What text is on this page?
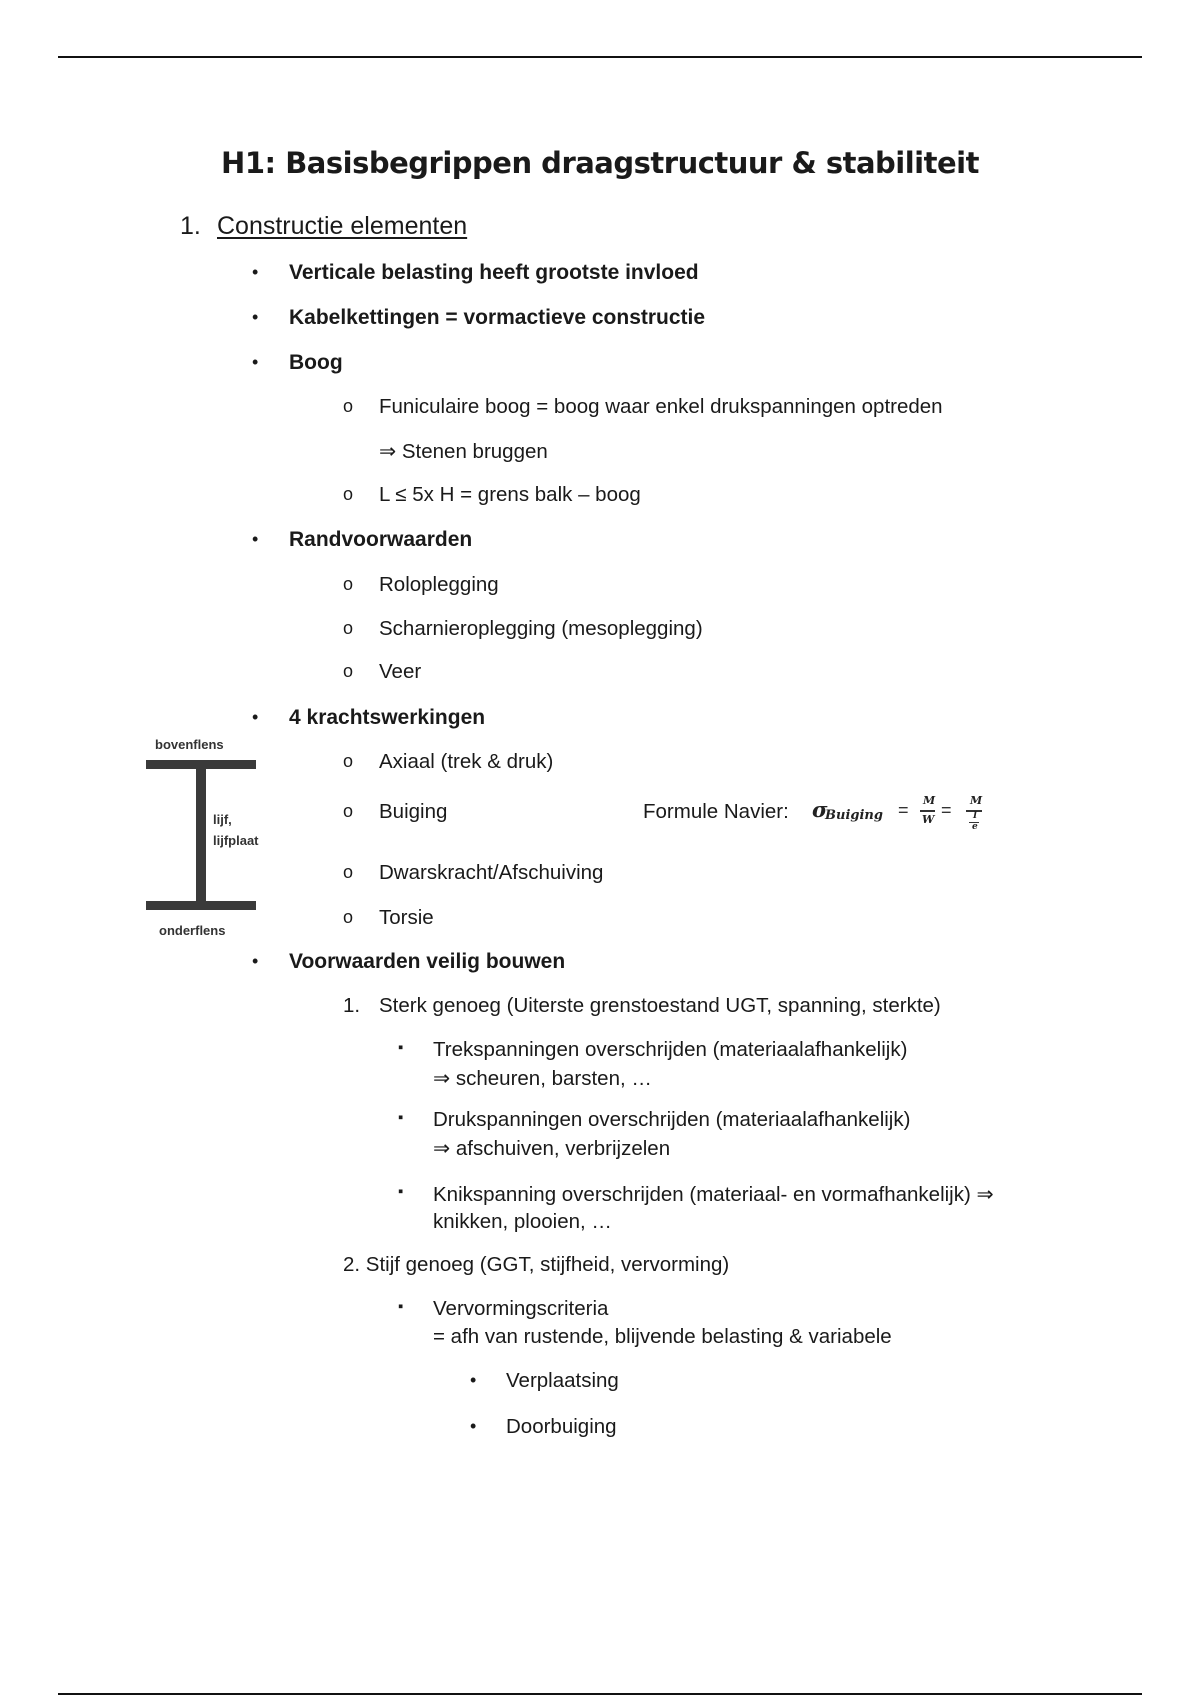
H1: Basisbegrippen draagstructuur & stabiliteit
1. Constructie elementen
• Verticale belasting heeft grootste invloed
• Kabelkettingen = vormactieve constructie
• Boog
o Funiculaire boog = boog waar enkel drukspanningen optreden
⇒ Stenen bruggen
o L ≤ 5x H = grens balk – boog
• Randvoorwaarden
o Roloplegging
o Scharnieroplegging (mesoplegging)
o Veer
• 4 krachtswerkingen
o Axiaal (trek & druk)
o Buiging	Formule Navier: σ
Buiging = M
W = M
I
e
o Dwarskracht/Afschuiving
o Torsie
• Voorwaarden veilig bouwen
1. Sterk genoeg (Uiterste grenstoestand UGT, spanning, sterkte)
▪ Trekspanningen overschrijden (materiaalafhankelijk)
⇒ scheuren, barsten, …
▪ Drukspanningen overschrijden (materiaalafhankelijk)
⇒ afschuiven, verbrijzelen
▪ Knikspanning overschrijden (materiaal- en vormafhankelijk) ⇒
knikken, plooien, …
2. Stijf genoeg (GGT, stijfheid, vervorming)
▪ Vervormingscriteria
= afh van rustende, blijvende belasting & variabele
• Verplaatsing
• Doorbuiging
bovenflens
lijf,
lijfplaat
onderflens
